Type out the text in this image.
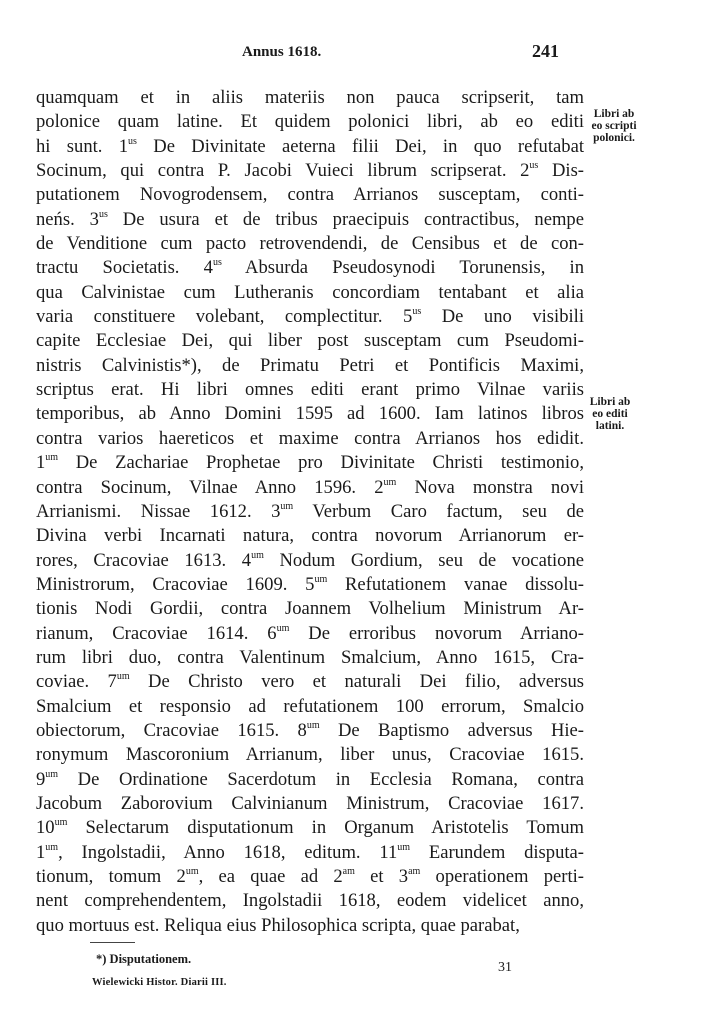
Annus 1618.	241
quamquam et in aliis materiis non pauca scripserit, tam
polonice quam latine. Et quidem polonici libri, ab eo editi
hi sunt. $1^{us}$ De Divinitate aeterna filii Dei, in quo refutabat
Socinum, qui contra P. Jacobi Vuieci librum scripserat. $2^{us}$ Dis-
putationem Novogrodensem, contra Arrianos susceptam, conti-
neńs. $3^{us}$ De usura et de tribus praecipuis contractibus, nempe
de Venditione cum pacto retrovendendi, de Censibus et de con-
tractu Societatis. $4^{us}$ Absurda Pseudosynodi Torunensis, in
qua Calvinistae cum Lutheranis concordiam tentabant et alia
varia constituere volebant, complectitur. $5^{us}$ De uno visibili
capite Ecclesiae Dei, qui liber post susceptam cum Pseudomi-
nistris Calvinistis*), de Primatu Petri et Pontificis Maximi,
scriptus erat. Hi libri omnes editi erant primo Vilnae variis
temporibus, ab Anno Domini 1595 ad 1600. Iam latinos libros
contra varios haereticos et maxime contra Arrianos hos edidit.
$1^{um}$ De Zachariae Prophetae pro Divinitate Christi testimonio,
contra Socinum, Vilnae Anno 1596. $2^{um}$ Nova monstra novi
Arrianismi. Nissae 1612. $3^{um}$ Verbum Caro factum, seu de
Divina verbi Incarnati natura, contra novorum Arrianorum er-
rores, Cracoviae 1613. $4^{um}$ Nodum Gordium, seu de vocatione
Ministrorum, Cracoviae 1609. $5^{um}$ Refutationem vanae dissolu-
tionis Nodi Gordii, contra Joannem Volhelium Ministrum Ar-
rianum, Cracoviae 1614. $6^{um}$ De erroribus novorum Arriano-
rum libri duo, contra Valentinum Smalcium, Anno 1615, Cra-
coviae. $7^{um}$ De Christo vero et naturali Dei filio, adversus
Smalcium et responsio ad refutationem 100 errorum, Smalcio
obiectorum, Cracoviae 1615. $8^{um}$ De Baptismo adversus Hie-
ronymum Mascoronium Arrianum, liber unus, Cracoviae 1615.
$9^{um}$ De Ordinatione Sacerdotum in Ecclesia Romana, contra
Jacobum Zaborovium Calvinianum Ministrum, Cracoviae 1617.
$10^{um}$ Selectarum disputationum in Organum Aristotelis Tomum
$1^{um}$, Ingolstadii, Anno 1618, editum. $11^{um}$ Earundem disputa-
tionum, tomum $2^{um}$, ea quae ad $2^{am}$ et $3^{am}$ operationem perti-
nent comprehendentem, Ingolstadii 1618, eodem videlicet anno,
quo mortuus est. Reliqua eius Philosophica scripta, quae parabat,
Libri ab
eo scripti
polonici.
Libri ab
eo editi
latini.
*) Disputationem.
Wielewicki Histor. Diarii III.
31
